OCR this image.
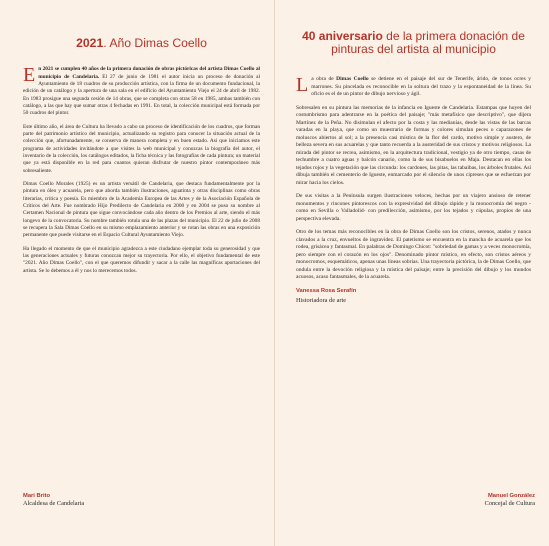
2021. Año Dimas Coello

En 2021 se cumplen 40 años de la primera donación de obras pictóricas del artista Dimas Coello al municipio de Candelaria. El 27 de junio de 1981 el autor inicia un proceso de donación al Ayuntamiento de 18 cuadros de su producción artística, con la firma de un documento fundacional, la edición de un catálogo y la apertura de una sala en el edificio del Ayuntamiento Viejo el 24 de abril de 1982. En 1983 prosigue una segunda cesión de 14 obras, que se completa con otras 58 en 1985, ambas también con catálogo, a las que hay que sumar otras 4 fechadas en 1991. En total, la colección municipal está formada por 50 cuadros del pintor.

Este último año, el área de Cultura ha llevado a cabo un proceso de identificación de los cuadros, que forman parte del patrimonio artístico del municipio, actualizando su registro para conocer la situación actual de la colección que, afortunadamente, se conserva de manera completa y en buen estado. Así que iniciamos este programa de actividades invitándote a que visites la web municipal y conozcas la biografía del autor, el inventario de la colección, los catálogos editados, la ficha técnica y las fotografías de cada pintura; un material que ya está disponible en la red para cuantos quieran disfrutar de nuestro pintor contemporáneo más sobresaliente.

Dimas Coello Morales (1925) es un artista versátil de Candelaria, que destaca fundamentalmente por la pintura en óleo y acuarela, pero que aborda también ilustraciones, aguatinta y otras disciplinas como obras literarias, crítica y poesía. Es miembro de la Academia Europea de las Artes y de la Asociación Española de Críticos del Arte. Fue nombrado Hijo Predilecto de Candelaria en 2000 y en 2004 se puso su nombre al Certamen Nacional de pintura que sigue convocándose cada año dentro de los Premios al arte, siendo el más longevo de la convocatoria. Su nombre también rotula una de las plazas del municipio. El 22 de julio de 2008 se recupera la Sala Dimas Coello en su mismo emplazamiento anterior y se rotan las obras en una exposición permanente que puede visitarse en el Espacio Cultural Ayuntamiento Viejo.

Ha llegado el momento de que el municipio agradezca a este ciudadano ejemplar toda su generosidad y que las generaciones actuales y futuras conozcan mejor su trayectoria. Por ello, el objetivo fundamental de este "2021. Año Dimas Coello", con el que queremos difundir y sacar a la calle las magníficas aportaciones del artista. Se lo debemos a él y nos lo merecemos todos.

Mari Brito
Alcaldesa de Candelaria
Manuel González
Concejal de Cultura
40 aniversario de la primera donación de pinturas del artista al municipio

La obra de Dimas Coello se detiene en el paisaje del sur de Tenerife, árido, de tonos ocres y marrones. Su pincelada es reconocible en la soltura del trazo y la espontaneidad de la línea. Su oficio es el de un pintor de dibujo nervioso y ágil.

Sobresalen en su pintura las memorias de la infancia en Igueste de Candelaria. Estampas que huyen del costumbrismo para adentrarse en la poética del paisaje; "más metafísico que descriptivo", que dijera Martínez de la Peña. No disimulan el afecto por la costa y las medianías, desde las vistas de las barcas varadas en la playa, que como un muestrario de formas y colores simulan peces o caparazones de moluscos abiertos al sol; a la presencia casi mística de la flor del cardo, motivo simple y austero, de belleza severa en sus acuarelas y que tanto recuerda a la austeridad de sus cristos y motivos religiosos. La mirada del pintor se recrea, asimismo, en la arquitectura tradicional, vestigio ya de otro tiempo, casas de techumbre a cuatro aguas y balcón canario, como la de sus bisabuelos en Maja. Destacan en ellas los tejados rojos y la vegetación que las circunda: los cardones, las pitas, las tabaibas, los árboles frutales. Así dibuja también el cementerio de Igueste, enmarcado por el silencio de unos cipreses que se esfuerzan por mirar hacia los cielos.

De sus visitas a la Península surgen ilustraciones veloces, hechas por un viajero ansioso de retener monumentos y rincones pintorescos con la expresividad del dibujo rápido y la monocromía del negro -como en Sevilla o Valladolid- con predilección, asimismo, por los tejados y cúpulas, propios de una perspectiva elevada.

Otro de los temas más reconocibles en la obra de Dimas Coello son los cristos, serenos, atados y nunca clavados a la cruz, envueltos de ingravidez. El patetismo se encuentra en la mancha de acuarela que los rodea, grisácea y fantasmal. En palabras de Domingo Chicot: "sobriedad de gamas y a veces monocromía, pero siempre con el corazón en los ojos". Denominado pintor místico, en efecto, son cristos aéreos y monocromos, esquemáticos, apenas unas líneas sobrias. Una trayectoria pictórica, la de Dimas Coello, que ondula entre la devoción religiosa y la mística del paisaje; entre la precisión del dibujo y los mundos acuosos, acaso fantasmales, de la acuarela.

Vanessa Rosa Serafín
Historiadora de arte
